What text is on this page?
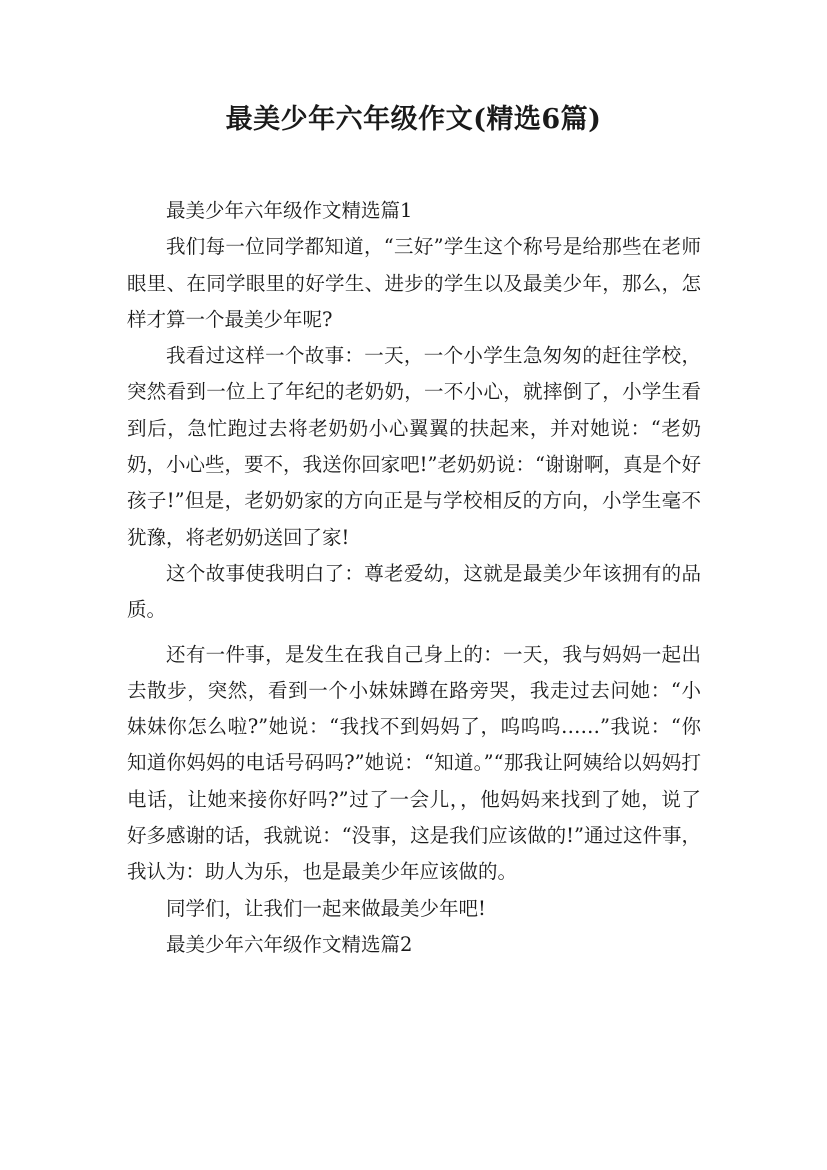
最美少年六年级作文(精选6篇)

最美少年六年级作文精选篇1

我们每一位同学都知道，“三好”学生这个称号是给那些在老师眼里、在同学眼里的好学生、进步的学生以及最美少年，那么，怎样才算一个最美少年呢?

我看过这样一个故事：一天，一个小学生急匆匆的赶往学校，突然看到一位上了年纪的老奶奶，一不小心，就摔倒了，小学生看到后，急忙跑过去将老奶奶小心翼翼的扶起来，并对她说：“老奶奶，小心些，要不，我送你回家吧!”老奶奶说：“谢谢啊，真是个好孩子!”但是，老奶奶家的方向正是与学校相反的方向，小学生毫不犹豫，将老奶奶送回了家!

这个故事使我明白了：尊老爱幼，这就是最美少年该拥有的品质。

还有一件事，是发生在我自己身上的：一天，我与妈妈一起出去散步，突然，看到一个小妹妹蹲在路旁哭，我走过去问她：“小妹妹你怎么啦?”她说：“我找不到妈妈了，呜呜呜……”我说：“你知道你妈妈的电话号码吗?”她说：“知道。”“那我让阿姨给以妈妈打电话，让她来接你好吗?”过了一会儿，，他妈妈来找到了她，说了好多感谢的话，我就说：“没事，这是我们应该做的!”通过这件事，我认为：助人为乐，也是最美少年应该做的。

同学们，让我们一起来做最美少年吧!

最美少年六年级作文精选篇2
